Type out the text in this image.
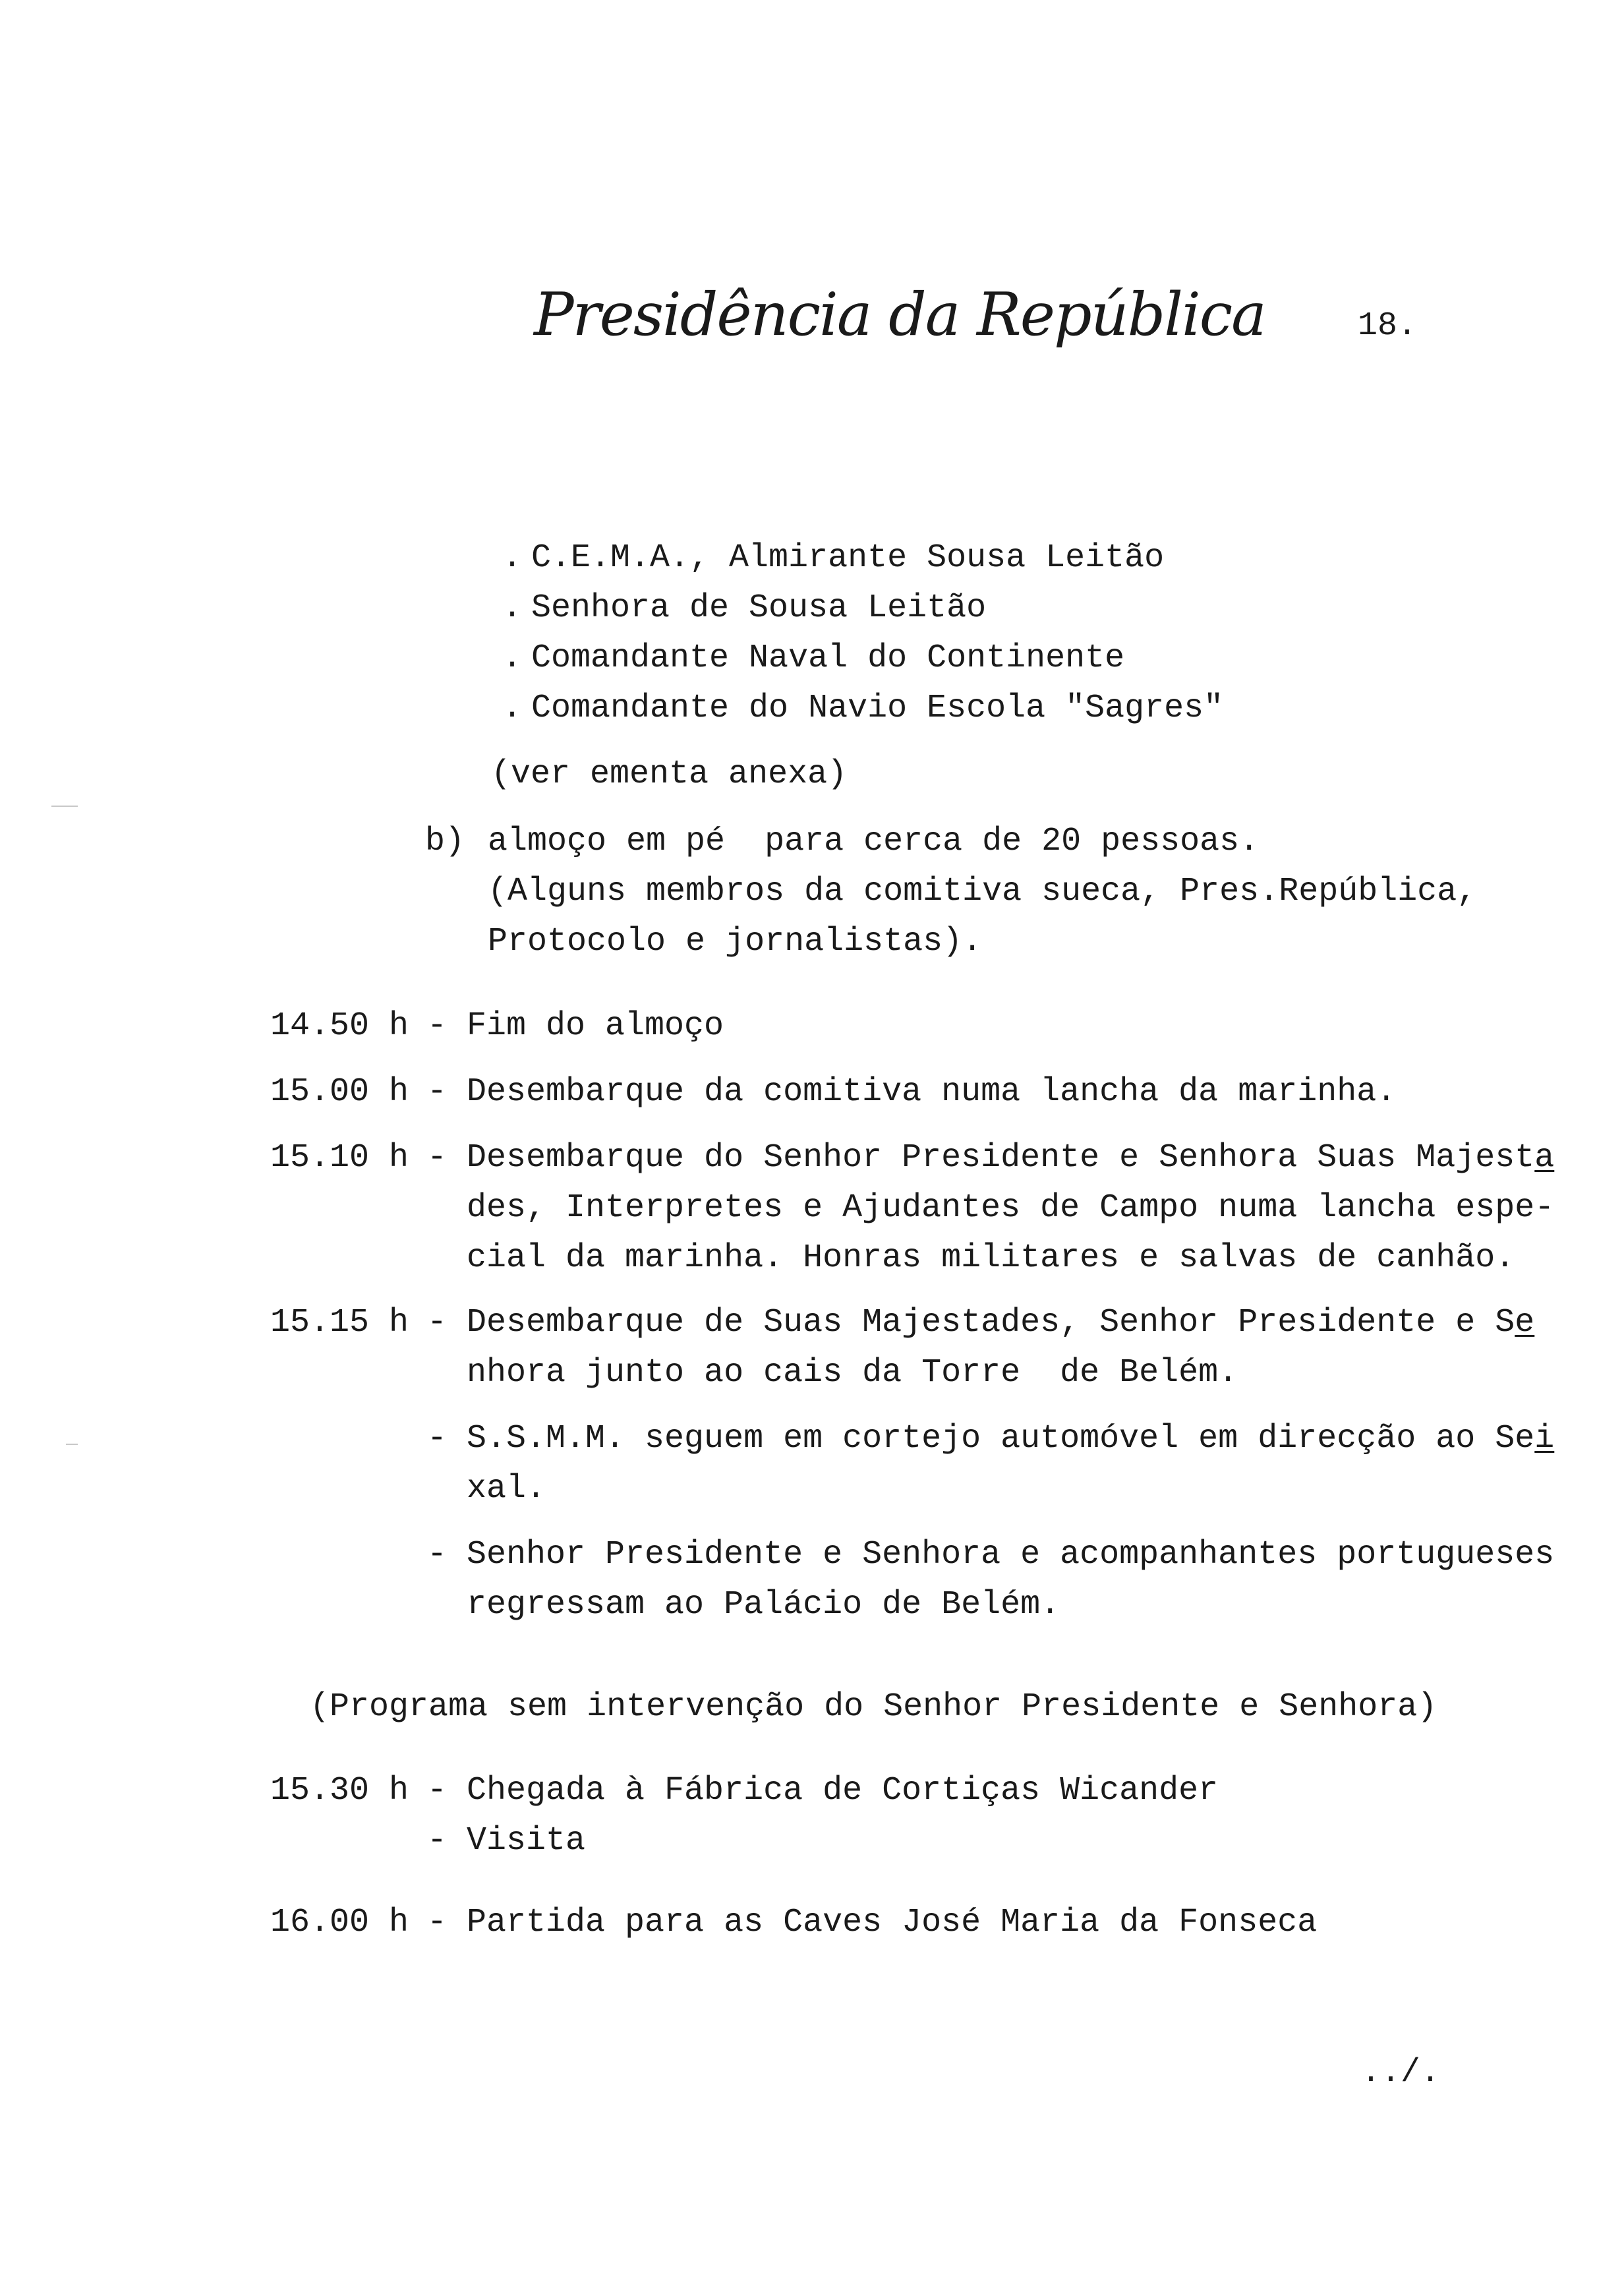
Presidência da República	18.
. C.E.M.A., Almirante Sousa Leitão
. Senhora de Sousa Leitão
. Comandante Naval do Continente
. Comandante do Navio Escola "Sagres"
(ver ementa anexa)
b) almoço em pé  para cerca de 20 pessoas.
(Alguns membros da comitiva sueca, Pres.República,
Protocolo e jornalistas).
14.50 h - Fim do almoço
15.00 h - Desembarque da comitiva numa lancha da marinha.
15.10 h - Desembarque do Senhor Presidente e Senhora Suas Majesta
des, Interpretes e Ajudantes de Campo numa lancha espe-
cial da marinha. Honras militares e salvas de canhão.
15.15 h - Desembarque de Suas Majestades, Senhor Presidente e Se
nhora junto ao cais da Torre  de Belém.
- S.S.M.M. seguem em cortejo automóvel em direcção ao Sei
xal.
- Senhor Presidente e Senhora e acompanhantes portugueses
regressam ao Palácio de Belém.
(Programa sem intervenção do Senhor Presidente e Senhora)
15.30 h - Chegada à Fábrica de Cortiças Wicander
- Visita
16.00 h - Partida para as Caves José Maria da Fonseca
../.
